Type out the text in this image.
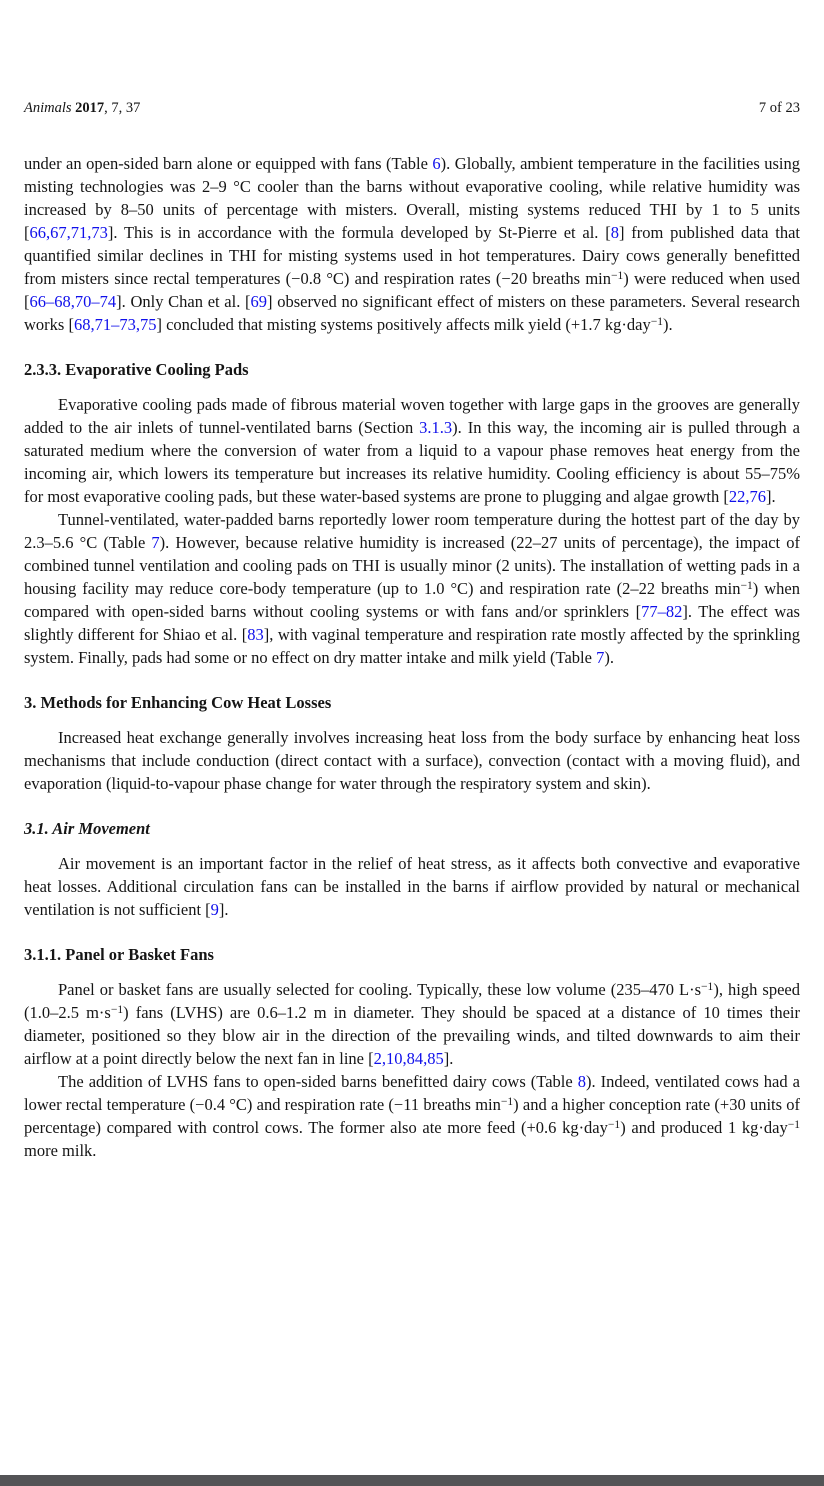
Animals 2017, 7, 37	7 of 23

under an open-sided barn alone or equipped with fans (Table 6). Globally, ambient temperature in the facilities using misting technologies was 2–9 °C cooler than the barns without evaporative cooling, while relative humidity was increased by 8–50 units of percentage with misters. Overall, misting systems reduced THI by 1 to 5 units [66,67,71,73]. This is in accordance with the formula developed by St-Pierre et al. [8] from published data that quantified similar declines in THI for misting systems used in hot temperatures. Dairy cows generally benefitted from misters since rectal temperatures (−0.8 °C) and respiration rates (−20 breaths $\min^{-1}$) were reduced when used [66–68,70–74]. Only Chan et al. [69] observed no significant effect of misters on these parameters. Several research works [68,71–73,75] concluded that misting systems positively affects milk yield (+1.7 kg·day$^{-1}$).

2.3.3. Evaporative Cooling Pads

Evaporative cooling pads made of fibrous material woven together with large gaps in the grooves are generally added to the air inlets of tunnel-ventilated barns (Section 3.1.3). In this way, the incoming air is pulled through a saturated medium where the conversion of water from a liquid to a vapour phase removes heat energy from the incoming air, which lowers its temperature but increases its relative humidity. Cooling efficiency is about 55–75% for most evaporative cooling pads, but these water-based systems are prone to plugging and algae growth [22,76].

Tunnel-ventilated, water-padded barns reportedly lower room temperature during the hottest part of the day by 2.3–5.6 °C (Table 7). However, because relative humidity is increased (22–27 units of percentage), the impact of combined tunnel ventilation and cooling pads on THI is usually minor (2 units). The installation of wetting pads in a housing facility may reduce core-body temperature (up to 1.0 °C) and respiration rate (2–22 breaths $\min^{-1}$) when compared with open-sided barns without cooling systems or with fans and/or sprinklers [77–82]. The effect was slightly different for Shiao et al. [83], with vaginal temperature and respiration rate mostly affected by the sprinkling system. Finally, pads had some or no effect on dry matter intake and milk yield (Table 7).

3. Methods for Enhancing Cow Heat Losses

Increased heat exchange generally involves increasing heat loss from the body surface by enhancing heat loss mechanisms that include conduction (direct contact with a surface), convection (contact with a moving fluid), and evaporation (liquid-to-vapour phase change for water through the respiratory system and skin).

3.1. Air Movement

Air movement is an important factor in the relief of heat stress, as it affects both convective and evaporative heat losses. Additional circulation fans can be installed in the barns if airflow provided by natural or mechanical ventilation is not sufficient [9].

3.1.1. Panel or Basket Fans

Panel or basket fans are usually selected for cooling. Typically, these low volume (235–470 $L\cdot s^{-1}$), high speed (1.0–2.5 $m\cdot s^{-1}$) fans (LVHS) are 0.6–1.2 m in diameter. They should be spaced at a distance of 10 times their diameter, positioned so they blow air in the direction of the prevailing winds, and tilted downwards to aim their airflow at a point directly below the next fan in line [2,10,84,85].

The addition of LVHS fans to open-sided barns benefitted dairy cows (Table 8). Indeed, ventilated cows had a lower rectal temperature (−0.4 °C) and respiration rate (−11 breaths $\min^{-1}$) and a higher conception rate (+30 units of percentage) compared with control cows. The former also ate more feed (+0.6 kg·day$^{-1}$) and produced 1 kg·day$^{-1}$ more milk.
